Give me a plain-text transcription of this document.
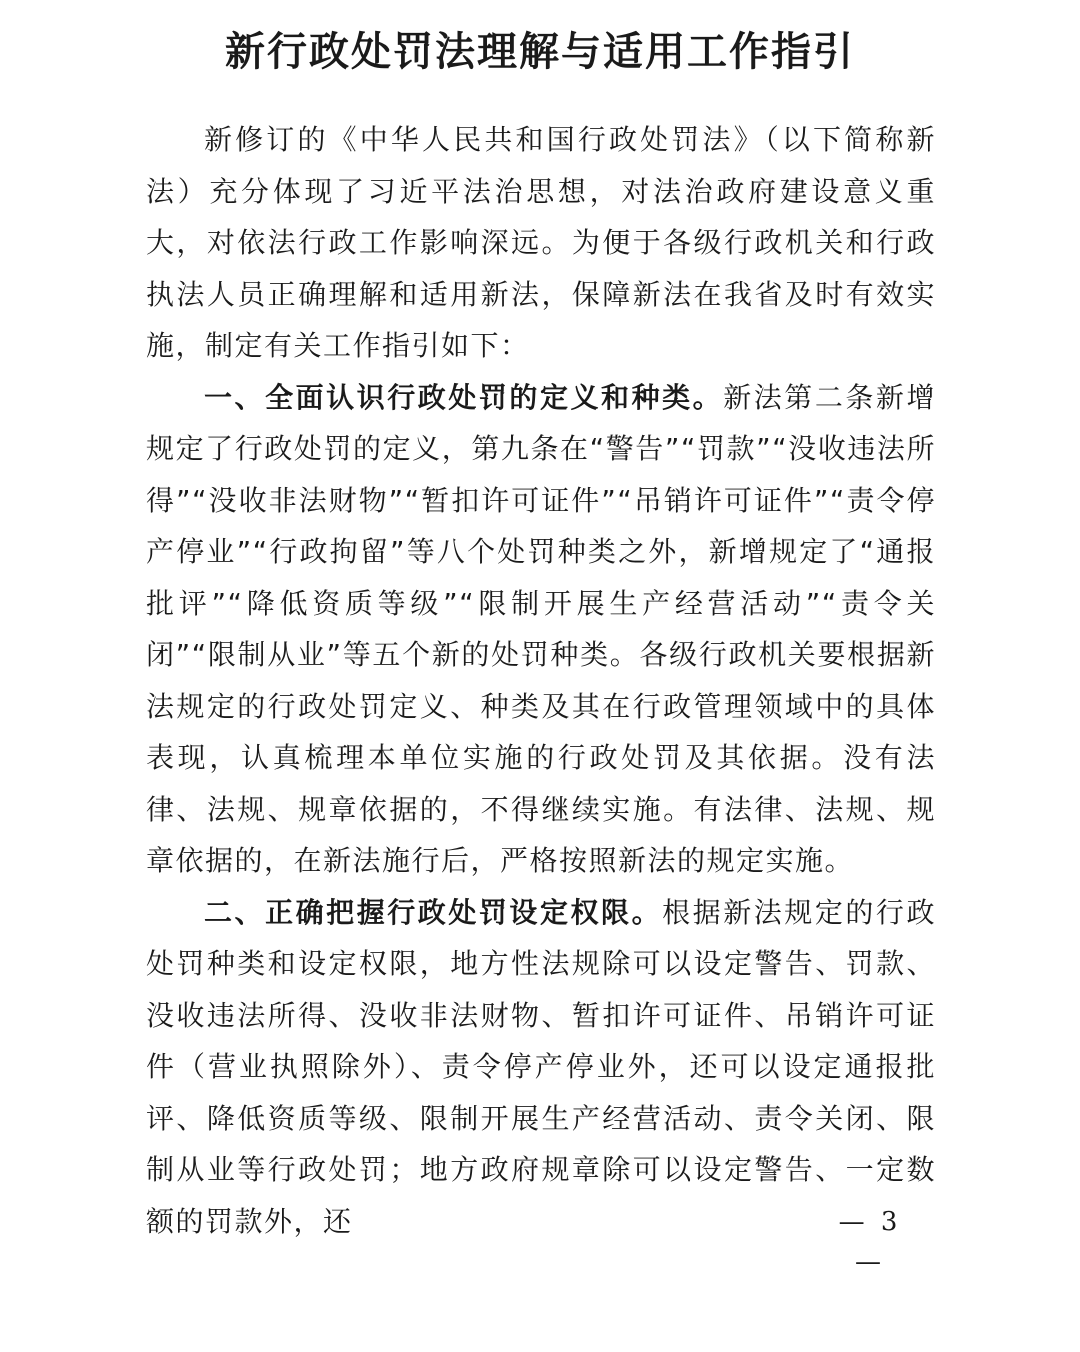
新行政处罚法理解与适用工作指引

新修订的《中华人民共和国行政处罚法》（以下简称新法）充分体现了习近平法治思想，对法治政府建设意义重大，对依法行政工作影响深远。为便于各级行政机关和行政执法人员正确理解和适用新法，保障新法在我省及时有效实施，制定有关工作指引如下：

一、全面认识行政处罚的定义和种类。新法第二条新增规定了行政处罚的定义，第九条在“警告”“罚款”“没收违法所得”“没收非法财物”“暂扣许可证件”“吊销许可证件”“责令停产停业”“行政拘留”等八个处罚种类之外，新增规定了“通报批评”“降低资质等级”“限制开展生产经营活动”“责令关闭”“限制从业”等五个新的处罚种类。各级行政机关要根据新法规定的行政处罚定义、种类及其在行政管理领域中的具体表现，认真梳理本单位实施的行政处罚及其依据。没有法律、法规、规章依据的，不得继续实施。有法律、法规、规章依据的，在新法施行后，严格按照新法的规定实施。

二、正确把握行政处罚设定权限。根据新法规定的行政处罚种类和设定权限，地方性法规除可以设定警告、罚款、没收违法所得、没收非法财物、暂扣许可证件、吊销许可证件（营业执照除外）、责令停产停业外，还可以设定通报批评、降低资质等级、限制开展生产经营活动、责令关闭、限制从业等行政处罚；地方政府规章除可以设定警告、一定数额的罚款外，还	— 3 —
